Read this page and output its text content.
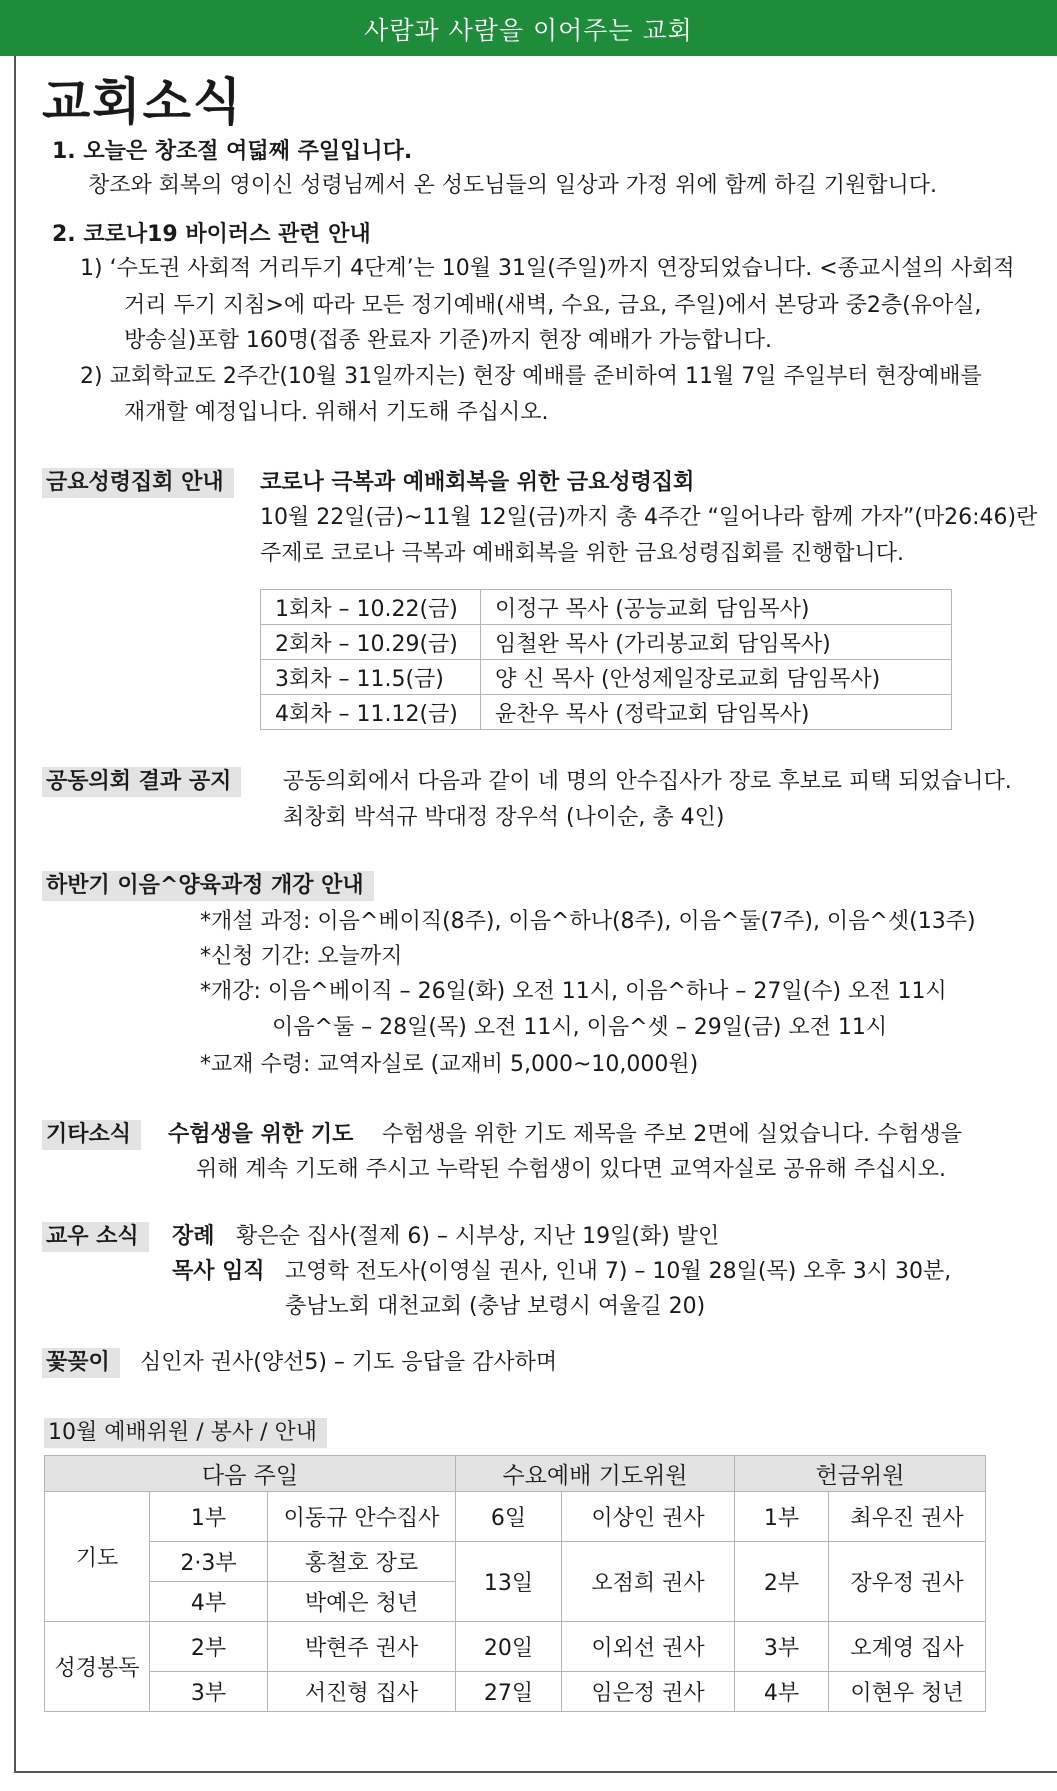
사람과 사람을 이어주는 교회
교회소식
1. 오늘은 창조절 여덟째 주일입니다.
창조와 회복의 영이신 성령님께서 온 성도님들의 일상과 가정 위에 함께 하길 기원합니다.
2. 코로나19 바이러스 관련 안내
1) ‘수도권 사회적 거리두기 4단계’는 10월 31일(주일)까지 연장되었습니다. <종교시설의 사회적
거리 두기 지침>에 따라 모든 정기예배(새벽, 수요, 금요, 주일)에서 본당과 중2층(유아실,
방송실)포함 160명(접종 완료자 기준)까지 현장 예배가 가능합니다.
2) 교회학교도 2주간(10월 31일까지는) 현장 예배를 준비하여 11월 7일 주일부터 현장예배를
재개할 예정입니다. 위해서 기도해 주십시오.
금요성령집회 안내	코로나 극복과 예배회복을 위한 금요성령집회
10월 22일(금)~11월 12일(금)까지 총 4주간 “일어나라 함께 가자”(마26:46)란
주제로 코로나 극복과 예배회복을 위한 금요성령집회를 진행합니다.
1회차 – 10.22(금)	이정구 목사 (공능교회 담임목사)
2회차 – 10.29(금)	임철완 목사 (가리봉교회 담임목사)
3회차 – 11.5(금)	양 신 목사 (안성제일장로교회 담임목사)
4회차 – 11.12(금)	윤찬우 목사 (정락교회 담임목사)
공동의회 결과 공지	공동의회에서 다음과 같이 네 명의 안수집사가 장로 후보로 피택 되었습니다.
최창회 박석규 박대정 장우석 (나이순, 총 4인)
하반기 이음^양육과정 개강 안내
*개설 과정: 이음^베이직(8주), 이음^하나(8주), 이음^둘(7주), 이음^셋(13주)
*신청 기간: 오늘까지
*개강: 이음^베이직 – 26일(화) 오전 11시, 이음^하나 – 27일(수) 오전 11시
이음^둘 – 28일(목) 오전 11시, 이음^셋 – 29일(금) 오전 11시
*교재 수령: 교역자실로 (교재비 5,000~10,000원)
기타소식	수험생을 위한 기도 수험생을 위한 기도 제목을 주보 2면에 실었습니다. 수험생을
위해 계속 기도해 주시고 누락된 수험생이 있다면 교역자실로 공유해 주십시오.
교우 소식	장례 황은순 집사(절제 6) – 시부상, 지난 19일(화) 발인
목사 임직 고영학 전도사(이영실 권사, 인내 7) – 10월 28일(목) 오후 3시 30분,
충남노회 대천교회 (충남 보령시 여울길 20)
꽃꽂이	심인자 권사(양선5) – 기도 응답을 감사하며
10월 예배위원 / 봉사 / 안내
다음 주일			수요예배 기도위원		헌금위원	
기도	1부	이동규 안수집사	6일	이상인 권사	1부	최우진 권사
	2·3부	홍철호 장로	13일	오점희 권사	2부	장우정 권사
	4부	박예은 청년				
성경봉독	2부	박현주 권사	20일	이외선 권사	3부	오계영 집사
	3부	서진형 집사	27일	임은정 권사	4부	이현우 청년
